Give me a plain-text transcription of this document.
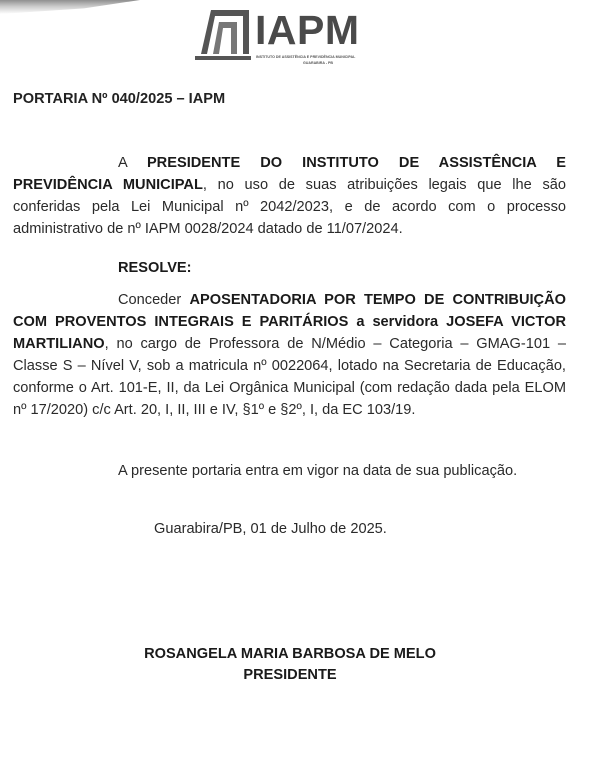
IAPM
INSTITUTO DE ASSISTÊNCIA E PREVIDÊNCIA MUNICIPAL
GUARABIRA - PB
PORTARIA Nº 040/2025 – IAPM
A PRESIDENTE DO INSTITUTO DE ASSISTÊNCIA E PREVIDÊNCIA MUNICIPAL, no uso de suas atribuições legais que lhe são conferidas pela Lei Municipal nº 2042/2023, e de acordo com o processo administrativo de nº IAPM 0028/2024 datado de 11/07/2024.
RESOLVE:
Conceder APOSENTADORIA POR TEMPO DE CONTRIBUIÇÃO COM PROVENTOS INTEGRAIS E PARITÁRIOS a servidora JOSEFA VICTOR MARTILIANO, no cargo de Professora de N/Médio – Categoria – GMAG-101 – Classe S – Nível V, sob a matricula nº 0022064, lotado na Secretaria de Educação, conforme o Art. 101-E, II, da Lei Orgânica Municipal (com redação dada pela ELOM nº 17/2020) c/c Art. 20, I, II, III e IV, §1º e §2º, I, da EC 103/19.
A presente portaria entra em vigor na data de sua publicação.
Guarabira/PB, 01 de Julho de 2025.
ROSANGELA MARIA BARBOSA DE MELO
PRESIDENTE
